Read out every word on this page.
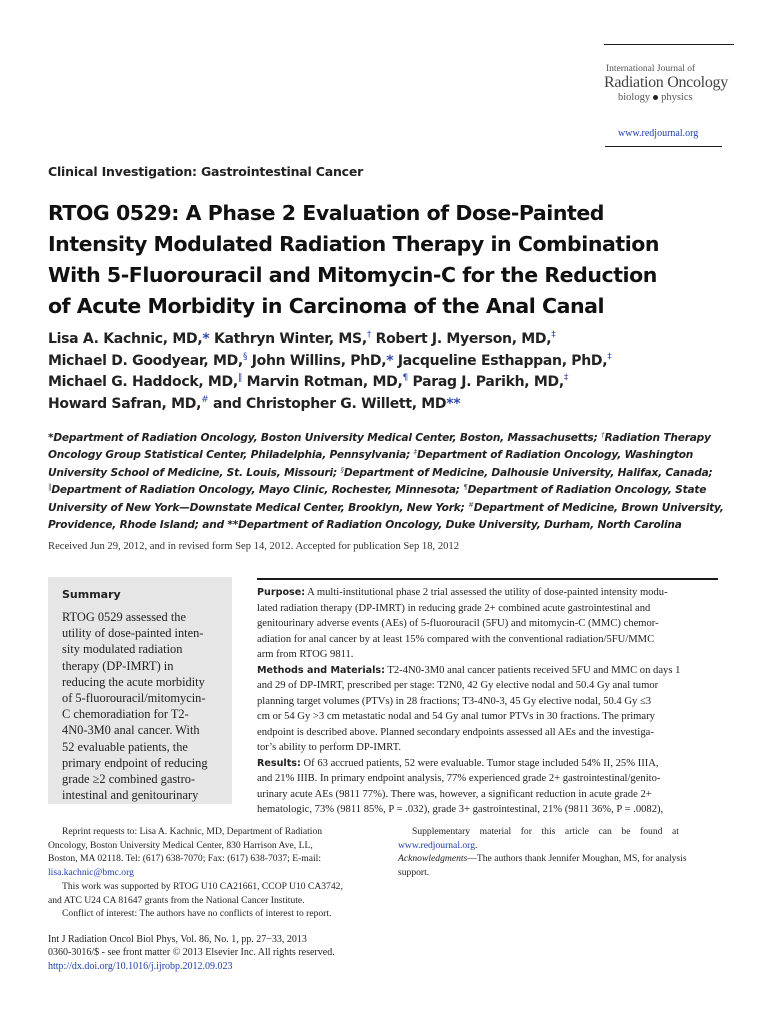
International Journal of
Radiation Oncology
biology physics
www.redjournal.org
Clinical Investigation: Gastrointestinal Cancer
RTOG 0529: A Phase 2 Evaluation of Dose-Painted
Intensity Modulated Radiation Therapy in Combination
With 5-Fluorouracil and Mitomycin-C for the Reduction
of Acute Morbidity in Carcinoma of the Anal Canal
Lisa A. Kachnic, MD,* Kathryn Winter, MS,† Robert J. Myerson, MD,‡
Michael D. Goodyear, MD,§ John Willins, PhD,* Jacqueline Esthappan, PhD,‡
Michael G. Haddock, MD,‖ Marvin Rotman, MD,¶ Parag J. Parikh, MD,‡
Howard Safran, MD,# and Christopher G. Willett, MD**
*Department of Radiation Oncology, Boston University Medical Center, Boston, Massachusetts; †Radiation Therapy
Oncology Group Statistical Center, Philadelphia, Pennsylvania; ‡Department of Radiation Oncology, Washington
University School of Medicine, St. Louis, Missouri; §Department of Medicine, Dalhousie University, Halifax, Canada;
‖Department of Radiation Oncology, Mayo Clinic, Rochester, Minnesota; ¶Department of Radiation Oncology, State
University of New York—Downstate Medical Center, Brooklyn, New York; #Department of Medicine, Brown University,
Providence, Rhode Island; and **Department of Radiation Oncology, Duke University, Durham, North Carolina
Received Jun 29, 2012, and in revised form Sep 14, 2012. Accepted for publication Sep 18, 2012
Summary
RTOG 0529 assessed the
utility of dose-painted inten-
sity modulated radiation
therapy (DP-IMRT) in
reducing the acute morbidity
of 5-fluorouracil/mitomycin-
C chemoradiation for T2-
4N0-3M0 anal cancer. With
52 evaluable patients, the
primary endpoint of reducing
grade ≥2 combined gastro-
intestinal and genitourinary
Purpose: A multi-institutional phase 2 trial assessed the utility of dose-painted intensity modu-
lated radiation therapy (DP-IMRT) in reducing grade 2+ combined acute gastrointestinal and
genitourinary adverse events (AEs) of 5-fluorouracil (5FU) and mitomycin-C (MMC) chemor-
adiation for anal cancer by at least 15% compared with the conventional radiation/5FU/MMC
arm from RTOG 9811.
Methods and Materials: T2-4N0-3M0 anal cancer patients received 5FU and MMC on days 1
and 29 of DP-IMRT, prescribed per stage: T2N0, 42 Gy elective nodal and 50.4 Gy anal tumor
planning target volumes (PTVs) in 28 fractions; T3-4N0-3, 45 Gy elective nodal, 50.4 Gy ≤3
cm or 54 Gy >3 cm metastatic nodal and 54 Gy anal tumor PTVs in 30 fractions. The primary
endpoint is described above. Planned secondary endpoints assessed all AEs and the investiga-
tor’s ability to perform DP-IMRT.
Results: Of 63 accrued patients, 52 were evaluable. Tumor stage included 54% II, 25% IIIA,
and 21% IIIB. In primary endpoint analysis, 77% experienced grade 2+ gastrointestinal/genito-
urinary acute AEs (9811 77%). There was, however, a significant reduction in acute grade 2+
hematologic, 73% (9811 85%, P = .032), grade 3+ gastrointestinal, 21% (9811 36%, P = .0082),
Reprint requests to: Lisa A. Kachnic, MD, Department of Radiation
Oncology, Boston University Medical Center, 830 Harrison Ave, LL,
Boston, MA 02118. Tel: (617) 638-7070; Fax: (617) 638-7037; E-mail:
lisa.kachnic@bmc.org
This work was supported by RTOG U10 CA21661, CCOP U10 CA3742,
and ATC U24 CA 81647 grants from the National Cancer Institute.
Conflict of interest: The authors have no conflicts of interest to report.
Supplementary    material    for    this    article    can    be    found    at
www.redjournal.org.
Acknowledgments—The authors thank Jennifer Moughan, MS, for analysis
support.
Int J Radiation Oncol Biol Phys, Vol. 86, No. 1, pp. 27−33, 2013
0360-3016/$ - see front matter © 2013 Elsevier Inc. All rights reserved.
http://dx.doi.org/10.1016/j.ijrobp.2012.09.023
